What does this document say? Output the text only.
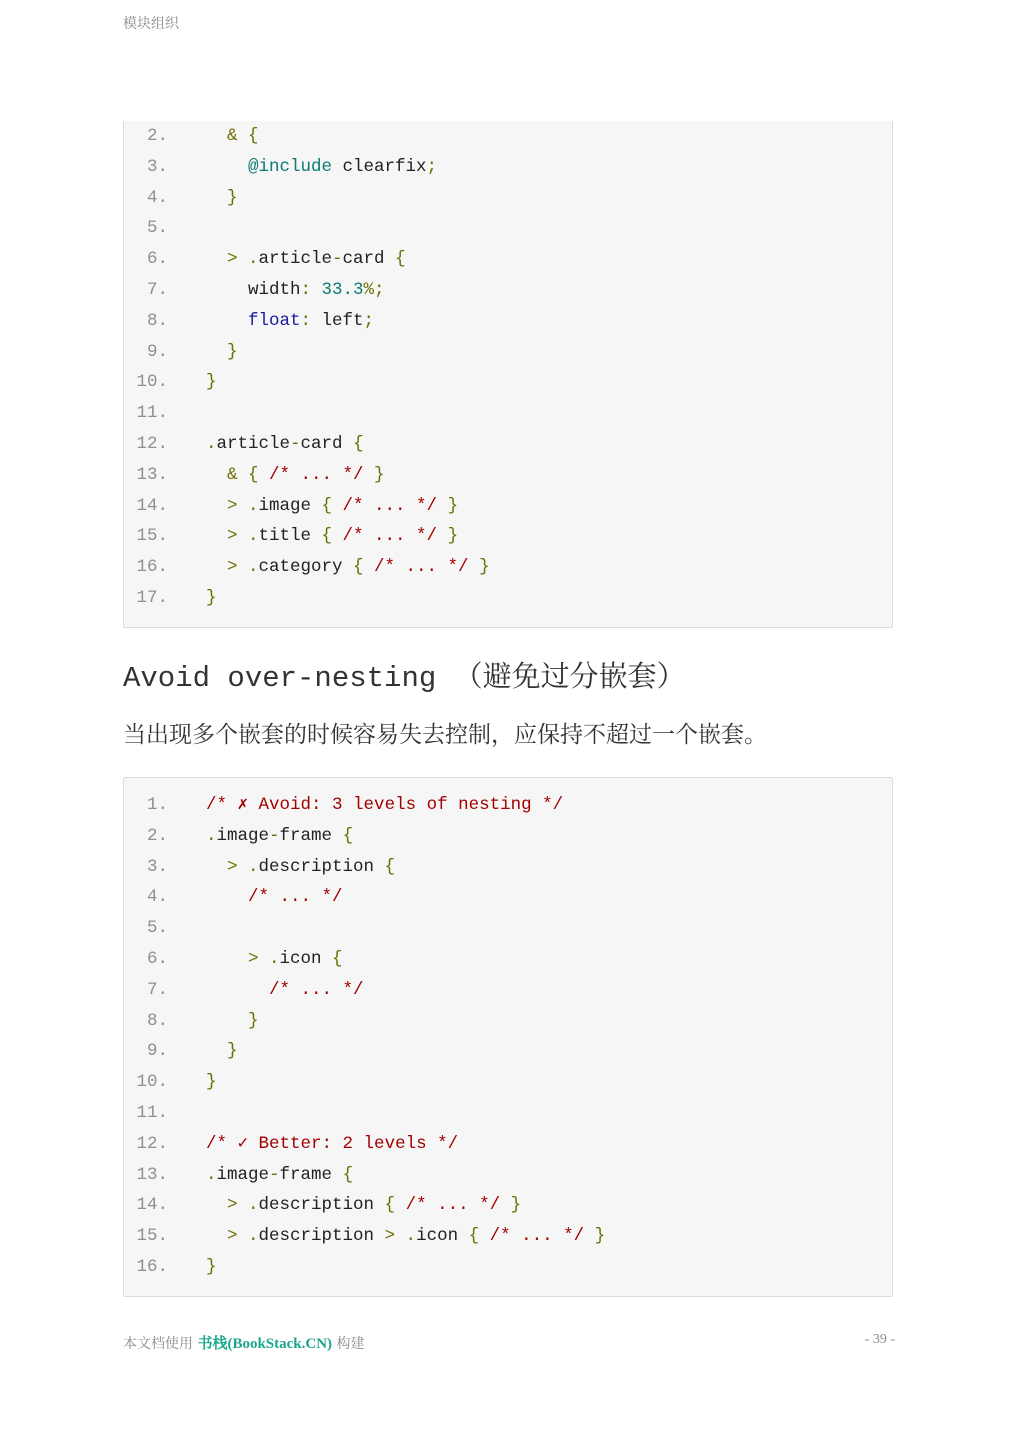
模块组织
2. & {
3. @include clearfix;
4. }
5.
6. > .article-card {
7. width: 33.3%;
8. float: left;
9. }
10. }
11.
12. .article-card {
13. & { /* ... */ }
14. > .image { /* ... */ }
15. > .title { /* ... */ }
16. > .category { /* ... */ }
17. }
Avoid over-nesting （避免过分嵌套）

当出现多个嵌套的时候容易失去控制，应保持不超过一个嵌套。

1. /* ✗ Avoid: 3 levels of nesting */
2. .image-frame {
3. > .description {
4. /* ... */
5.
6. > .icon {
7. /* ... */
8. }
9. }
10. }
11.
12. /* ✓ Better: 2 levels */
13. .image-frame {
14. > .description { /* ... */ }
15. > .description > .icon { /* ... */ }
16. }
本文档使用 书栈(BookStack.CN) 构建	- 39 -
